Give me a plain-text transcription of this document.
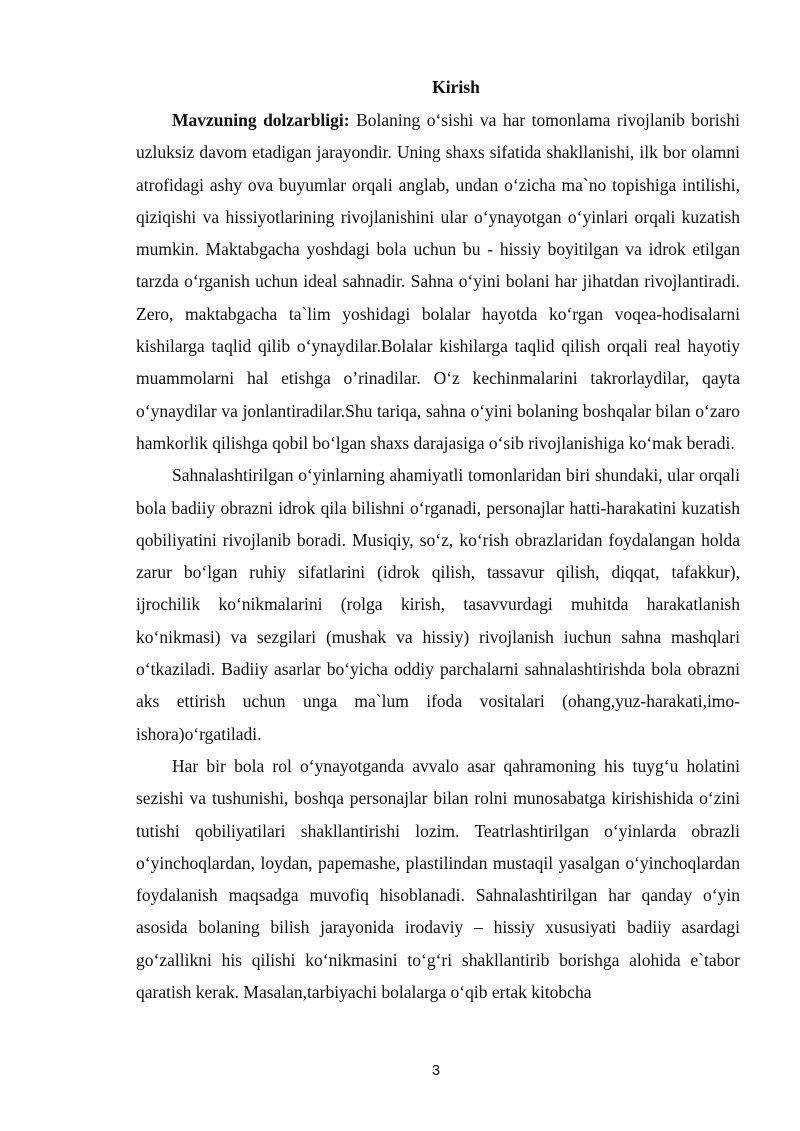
Kirish

Mavzuning dolzarbligi: Bolaning o‘sishi va har tomonlama rivojlanib borishi uzluksiz davom etadigan jarayondir. Uning shaxs sifatida shakllanishi, ilk bor olamni atrofidagi ashy ova buyumlar orqali anglab, undan o‘zicha ma`no topishiga intilishi, qiziqishi va hissiyotlarining rivojlanishini ular o‘ynayotgan o‘yinlari orqali kuzatish mumkin. Maktabgacha yoshdagi bola uchun bu - hissiy boyitilgan va idrok etilgan tarzda o‘rganish uchun ideal sahnadir. Sahna o‘yini bolani har jihatdan rivojlantiradi. Zero, maktabgacha ta`lim yoshidagi bolalar hayotda ko‘rgan voqea-hodisalarni kishilarga taqlid qilib o‘ynaydilar.Bolalar kishilarga taqlid qilish orqali real hayotiy muammolarni hal etishga o’rinadilar. O‘z kechinmalarini takrorlaydilar, qayta o‘ynaydilar va jonlantiradilar.Shu tariqa, sahna o‘yini bolaning boshqalar bilan o‘zaro hamkorlik qilishga qobil bo‘lgan shaxs darajasiga o‘sib rivojlanishiga ko‘mak beradi.

Sahnalashtirilgan o‘yinlarning ahamiyatli tomonlaridan biri shundaki, ular orqali bola badiiy obrazni idrok qila bilishni o‘rganadi, personajlar hatti-harakatini kuzatish qobiliyatini rivojlanib boradi. Musiqiy, so‘z, ko‘rish obrazlaridan foydalangan holda zarur bo‘lgan ruhiy sifatlarini (idrok qilish, tassavur qilish, diqqat, tafakkur), ijrochilik ko‘nikmalarini (rolga kirish, tasavvurdagi muhitda harakatlanish ko‘nikmasi) va sezgilari (mushak va hissiy) rivojlanish iuchun sahna mashqlari o‘tkaziladi. Badiiy asarlar bo‘yicha oddiy parchalarni sahnalashtirishda bola obrazni aks ettirish uchun unga ma`lum ifoda vositalari (ohang,yuz-harakati,imo-ishora)o‘rgatiladi.

Har bir bola rol o‘ynayotganda avvalo asar qahramoning his tuyg‘u holatini sezishi va tushunishi, boshqa personajlar bilan rolni munosabatga kirishishida o‘zini tutishi qobiliyatilari shakllantirishi lozim. Teatrlashtirilgan o‘yinlarda obrazli o‘yinchoqlardan, loydan, papemashe, plastilindan mustaqil yasalgan o‘yinchoqlardan foydalanish maqsadga muvofiq hisoblanadi. Sahnalashtirilgan har qanday o‘yin asosida bolaning bilish jarayonida irodaviy – hissiy xususiyati badiiy asardagi go‘zallikni his qilishi ko‘nikmasini to‘g‘ri shakllantirib borishga alohida e`tabor qaratish kerak. Masalan,tarbiyachi bolalarga o‘qib ertak kitobcha

3
